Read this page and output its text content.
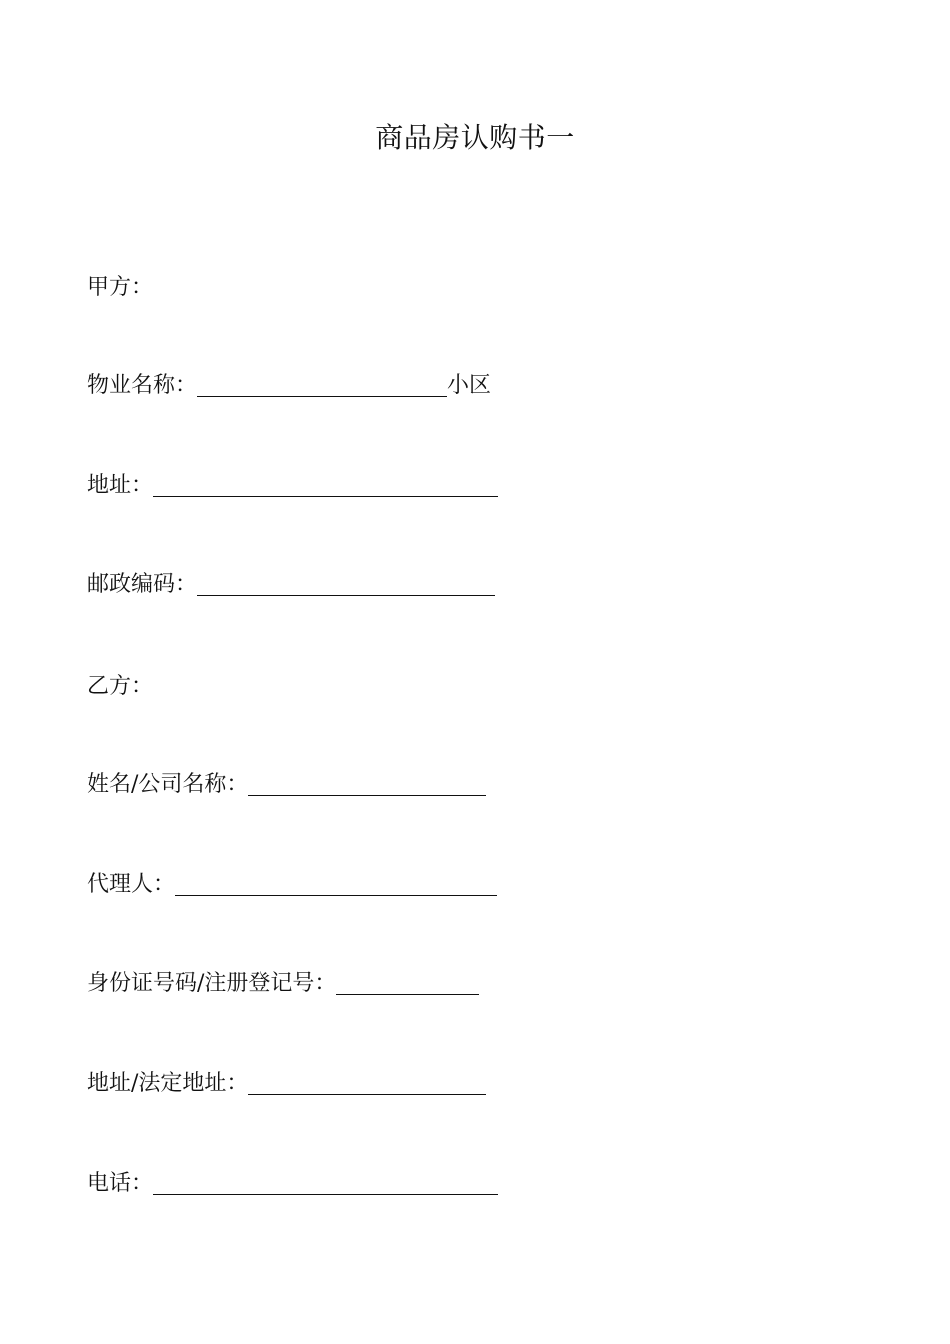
商品房认购书一
甲方：
物业名称：	小区
地址：
邮政编码：
乙方：
姓名/公司名称：
代理人：
身份证号码/注册登记号：
地址/法定地址：
电话：
